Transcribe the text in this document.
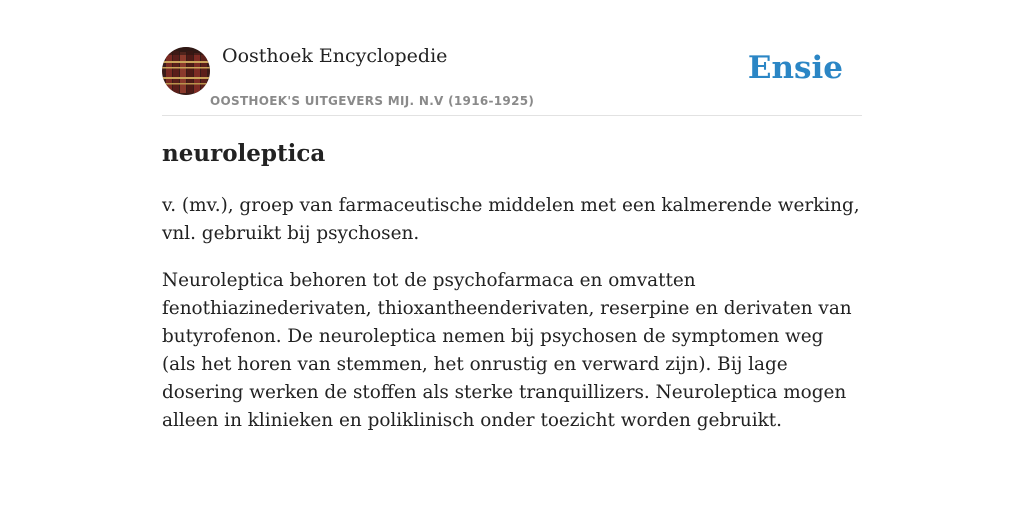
Oosthoek Encyclopedie
OOSTHOEK'S UITGEVERS MIJ. N.V (1916-1925)
Ensie
neuroleptica

v. (mv.), groep van farmaceutische middelen met een kalmerende werking, vnl. gebruikt bij psychosen.

Neuroleptica behoren tot de psychofarmaca en omvatten fenothiazinederivaten, thioxantheenderivaten, reserpine en derivaten van butyrofenon. De neuroleptica nemen bij psychosen de symptomen weg (als het horen van stemmen, het onrustig en verward zijn). Bij lage dosering werken de stoffen als sterke tranquillizers. Neuroleptica mogen alleen in klinieken en poliklinisch onder toezicht worden gebruikt.
